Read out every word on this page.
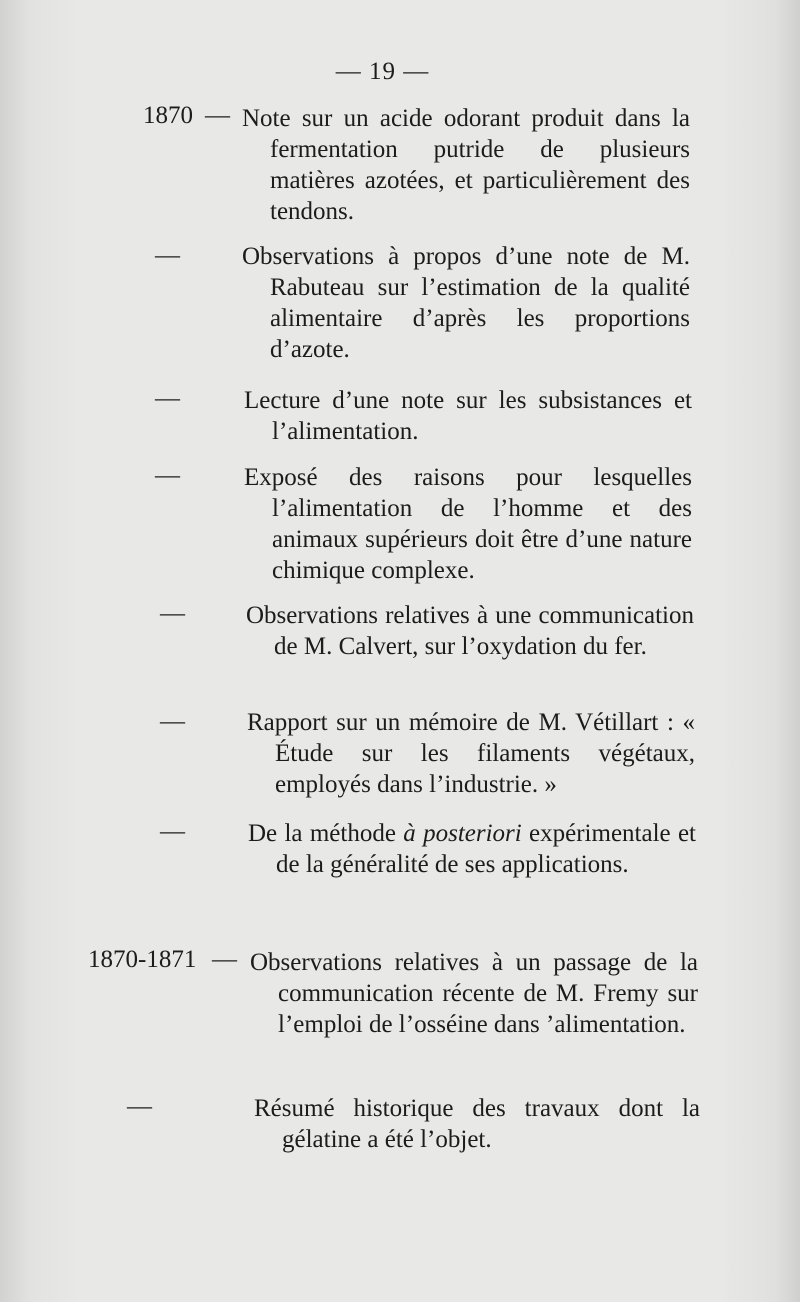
— 19 —
1870 — Note sur un acide odorant produit dans la fermentation putride de plusieurs matières azotées, et particulièrement des tendons.
— Observations à propos d’une note de M. Rabuteau sur l’estimation de la qualité alimentaire d’après les proportions d’azote.
—	Lecture d’une note sur les subsistances et l’alimentation.
—	Exposé des raisons pour lesquelles l’alimentation de l’homme et des animaux supérieurs doit être d’une nature chimique complexe.
— Observations relatives à une communication de M. Calvert, sur l’oxydation du fer.
— Rapport sur un mémoire de M. Vétillart : « Étude sur les filaments végétaux, employés dans l’industrie. »
—	De la méthode à posteriori expérimentale et de la généralité de ses applications.
1870-1871 — Observations relatives à un passage de la communication récente de M. Fremy sur l’emploi de l’osséine dans ’alimentation.
—	Résumé historique des travaux dont la gélatine a été l’objet.
